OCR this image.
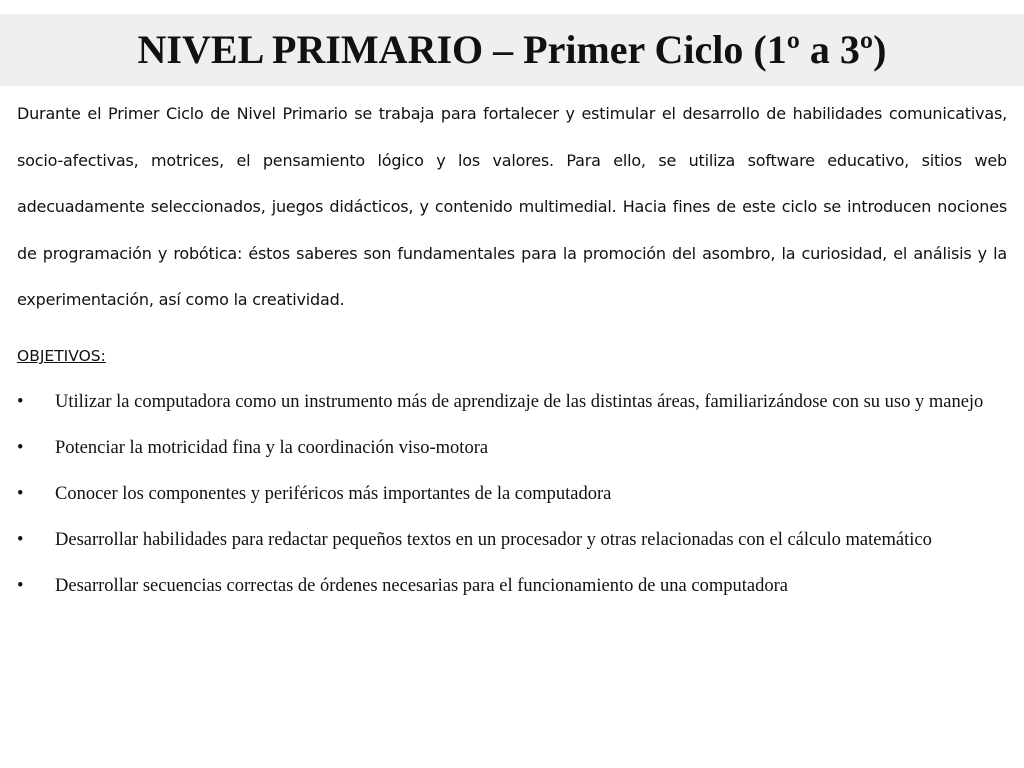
NIVEL PRIMARIO – Primer Ciclo (1º a 3º)

Durante el Primer Ciclo de Nivel Primario se trabaja para fortalecer y estimular el desarrollo de habilidades comunicativas, socio-afectivas, motrices, el pensamiento lógico y los valores. Para ello, se utiliza software educativo, sitios web adecuadamente seleccionados, juegos didácticos, y contenido multimedial. Hacia fines de este ciclo se introducen nociones de programación y robótica: éstos saberes son fundamentales para la promoción del asombro, la curiosidad, el análisis y la experimentación, así como la creatividad.

OBJETIVOS:

• Utilizar la computadora como un instrumento más de aprendizaje de las distintas áreas, familiarizándose con su uso y manejo
• Potenciar la motricidad fina y la coordinación viso-motora
• Conocer los componentes y periféricos más importantes de la computadora
• Desarrollar habilidades para redactar pequeños textos en un procesador y otras relacionadas con el cálculo matemático
• Desarrollar secuencias correctas de órdenes necesarias para el funcionamiento de una computadora
